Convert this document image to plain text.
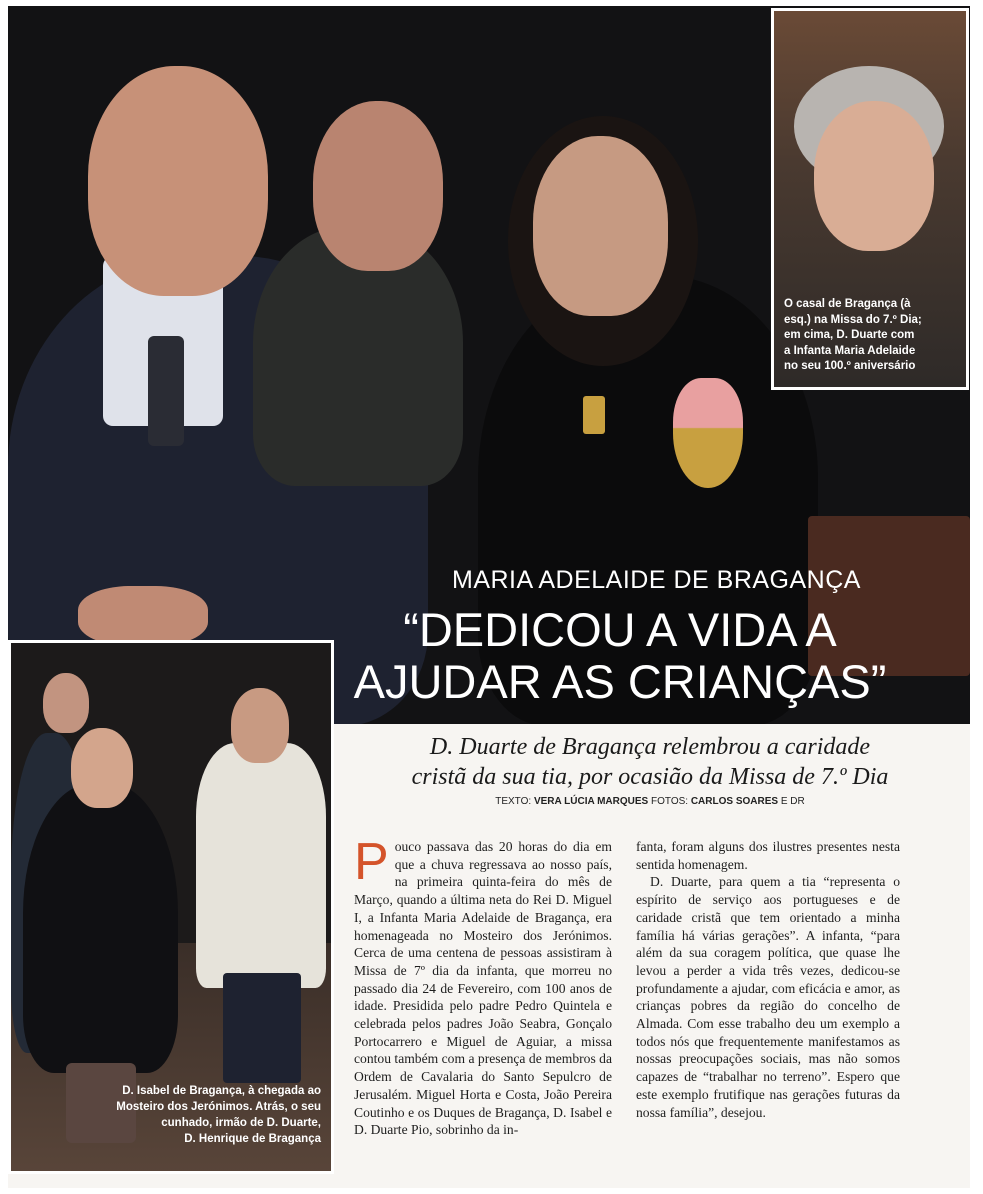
O casal de Bragança (à
esq.) na Missa do 7.º Dia;
em cima, D. Duarte com
a Infanta Maria Adelaide
no seu 100.º aniversário
MARIA ADELAIDE DE BRAGANÇA
“DEDICOU A VIDA A
AJUDAR AS CRIANÇAS”
D. Isabel de Bragança, à chegada ao
Mosteiro dos Jerónimos. Atrás, o seu
cunhado, irmão de D. Duarte,
D. Henrique de Bragança
D. Duarte de Bragança relembrou a caridade
cristã da sua tia, por ocasião da Missa de 7.º Dia
TEXTO: VERA LÚCIA MARQUES FOTOS: CARLOS SOARES E DR
P ouco passava das 20 horas do dia em que a chuva regressava ao nosso país, na primeira quinta-feira do mês de Março, quando a última neta do Rei D. Miguel I, a Infanta Maria Adelaide de Bragança, era homenageada no Mosteiro dos Jerónimos. Cerca de uma centena de pessoas assistiram à Missa de 7º dia da infanta, que morreu no passado dia 24 de Fevereiro, com 100 anos de idade. Presidida pelo padre Pedro Quintela e celebrada pelos padres João Seabra, Gonçalo Portocarrero e Miguel de Aguiar, a missa contou também com a presença de membros da Ordem de Cavalaria do Santo Sepulcro de Jerusalém. Miguel Horta e Costa, João Pereira Coutinho e os Duques de Bragança, D. Isabel e D. Duarte Pio, sobrinho da in-

fanta, foram alguns dos ilustres presentes nesta sentida homenagem.

D. Duarte, para quem a tia “representa o espírito de serviço aos portugueses e de caridade cristã que tem orientado a minha família há várias gerações”. A infanta, “para além da sua coragem política, que quase lhe levou a perder a vida três vezes, dedicou-se profundamente a ajudar, com eficácia e amor, as crianças pobres da região do concelho de Almada. Com esse trabalho deu um exemplo a todos nós que frequentemente manifestamos as nossas preocupações sociais, mas não somos capazes de “trabalhar no terreno”. Espero que este exemplo frutifique nas gerações futuras da nossa família”, desejou.
